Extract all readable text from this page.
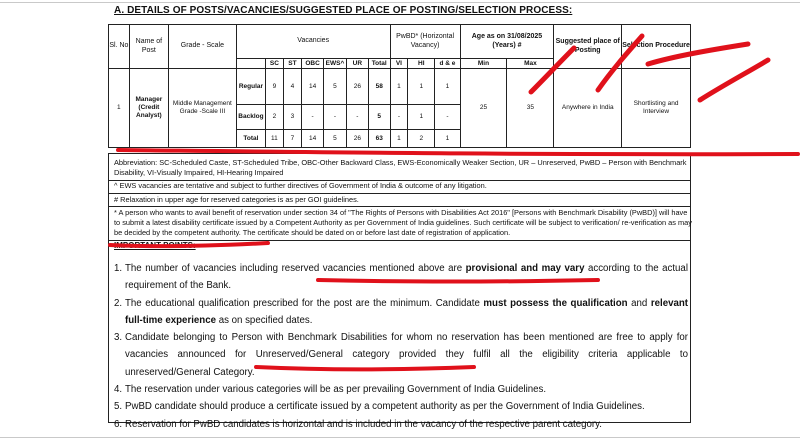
A. DETAILS OF POSTS/VACANCIES/SUGGESTED PLACE OF POSTING/SELECTION PROCESS:
Sl. No	Name of Post	Grade - Scale	Vacancies							PwBD* (Horizontal Vacancy)			Age as on 31/08/2025 (Years) #		Suggested place of Posting	Selection Procedure
				SC	ST	OBC	EWS^	UR	Total	VI	HI	d & e	Min	Max		
1	Manager (Credit Analyst)	Middle Management Grade -Scale III	Regular	9	4	14	5	26	58	1	1	1	25	35	Anywhere in India	Shortlisting and Interview
			Backlog	2	3	-	-	-	5	-	1	-				
			Total	11	7	14	5	26	63	1	2	1				
Abbreviation: SC-Scheduled Caste, ST-Scheduled Tribe, OBC-Other Backward Class, EWS-Economically Weaker Section, UR – Unreserved, PwBD – Person with Benchmark Disability, VI-Visually Impaired, HI-Hearing Impaired
^ EWS vacancies are tentative and subject to further directives of Government of India & outcome of any litigation.
# Relaxation in upper age for reserved categories is as per GOI guidelines.
* A person who wants to avail benefit of reservation under section 34 of "The Rights of Persons with Disabilities Act 2016" [Persons with Benchmark Disability (PwBD)] will have to submit a latest disability certificate issued by a Competent Authority as per Government of India guidelines. Such certificate will be subject to verification/ re-verification as may be decided by the competent authority. The certificate should be dated on or before last date of registration of application.
IMPORTANT POINTS:
1. The number of vacancies including reserved vacancies mentioned above are provisional and may vary according to the actual requirement of the Bank.
2. The educational qualification prescribed for the post are the minimum. Candidate must possess the qualification and relevant full-time experience as on specified dates.
3. Candidate belonging to Person with Benchmark Disabilities for whom no reservation has been mentioned are free to apply for vacancies announced for Unreserved/General category provided they fulfil all the eligibility criteria applicable to unreserved/General Category.
4. The reservation under various categories will be as per prevailing Government of India Guidelines.
5. PwBD candidate should produce a certificate issued by a competent authority as per the Government of India Guidelines.
6. Reservation for PwBD candidates is horizontal and is included in the vacancy of the respective parent category.
